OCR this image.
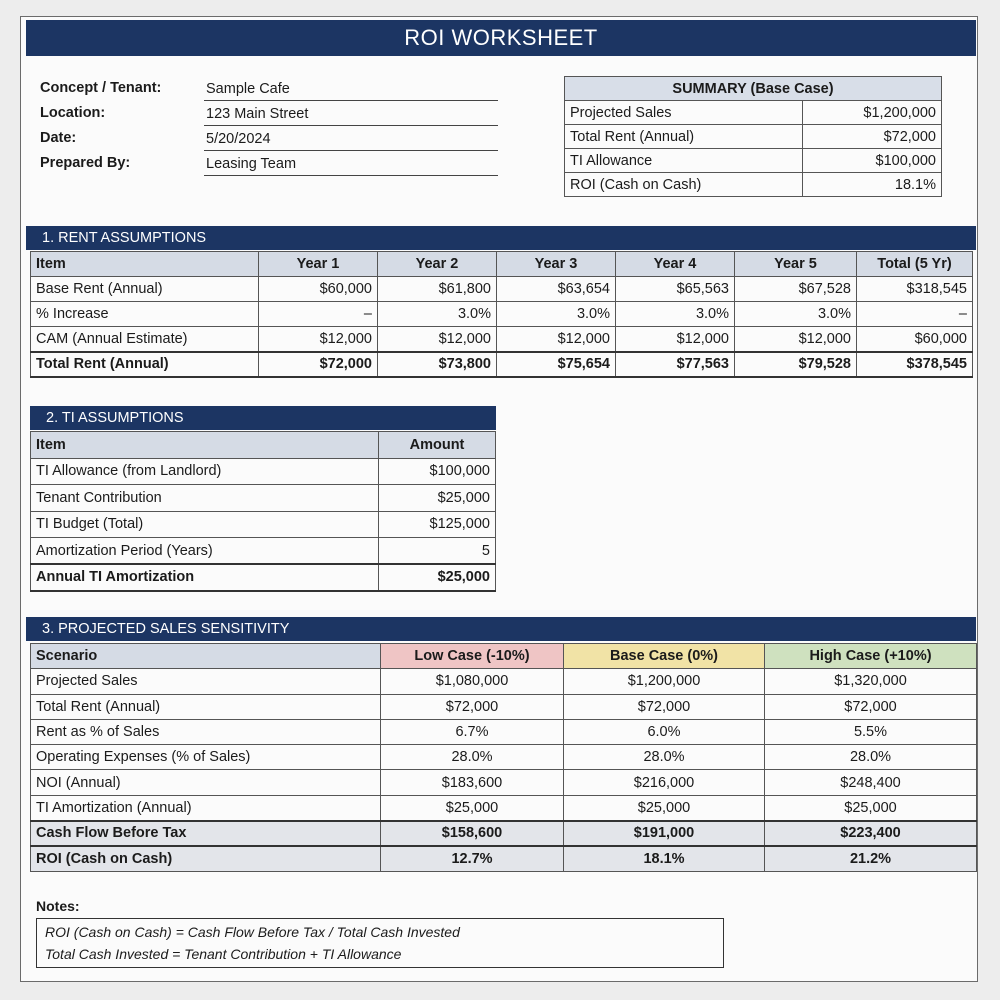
ROI WORKSHEET
Concept / Tenant:	Sample Cafe
Location:	123 Main Street
Date:	5/20/2024
Prepared By:	Leasing Team
SUMMARY (Base Case)	
Projected Sales	$1,200,000
Total Rent (Annual)	$72,000
TI Allowance	$100,000
ROI (Cash on Cash)	18.1%
1. RENT ASSUMPTIONS
Item	Year 1	Year 2	Year 3	Year 4	Year 5	Total (5 Yr)
Base Rent (Annual)	$60,000	$61,800	$63,654	$65,563	$67,528	$318,545
% Increase	–	3.0%	3.0%	3.0%	3.0%	–
CAM (Annual Estimate)	$12,000	$12,000	$12,000	$12,000	$12,000	$60,000
Total Rent (Annual)	$72,000	$73,800	$75,654	$77,563	$79,528	$378,545
2. TI ASSUMPTIONS
Item	Amount
TI Allowance (from Landlord)	$100,000
Tenant Contribution	$25,000
TI Budget (Total)	$125,000
Amortization Period (Years)	5
Annual TI Amortization	$25,000
3. PROJECTED SALES SENSITIVITY
Scenario	Low Case (-10%)	Base Case (0%)	High Case (+10%)
Projected Sales	$1,080,000	$1,200,000	$1,320,000
Total Rent (Annual)	$72,000	$72,000	$72,000
Rent as % of Sales	6.7%	6.0%	5.5%
Operating Expenses (% of Sales)	28.0%	28.0%	28.0%
NOI (Annual)	$183,600	$216,000	$248,400
TI Amortization (Annual)	$25,000	$25,000	$25,000
Cash Flow Before Tax	$158,600	$191,000	$223,400
ROI (Cash on Cash)	12.7%	18.1%	21.2%
Notes:
ROI (Cash on Cash) = Cash Flow Before Tax / Total Cash Invested
Total Cash Invested = Tenant Contribution + TI Allowance
